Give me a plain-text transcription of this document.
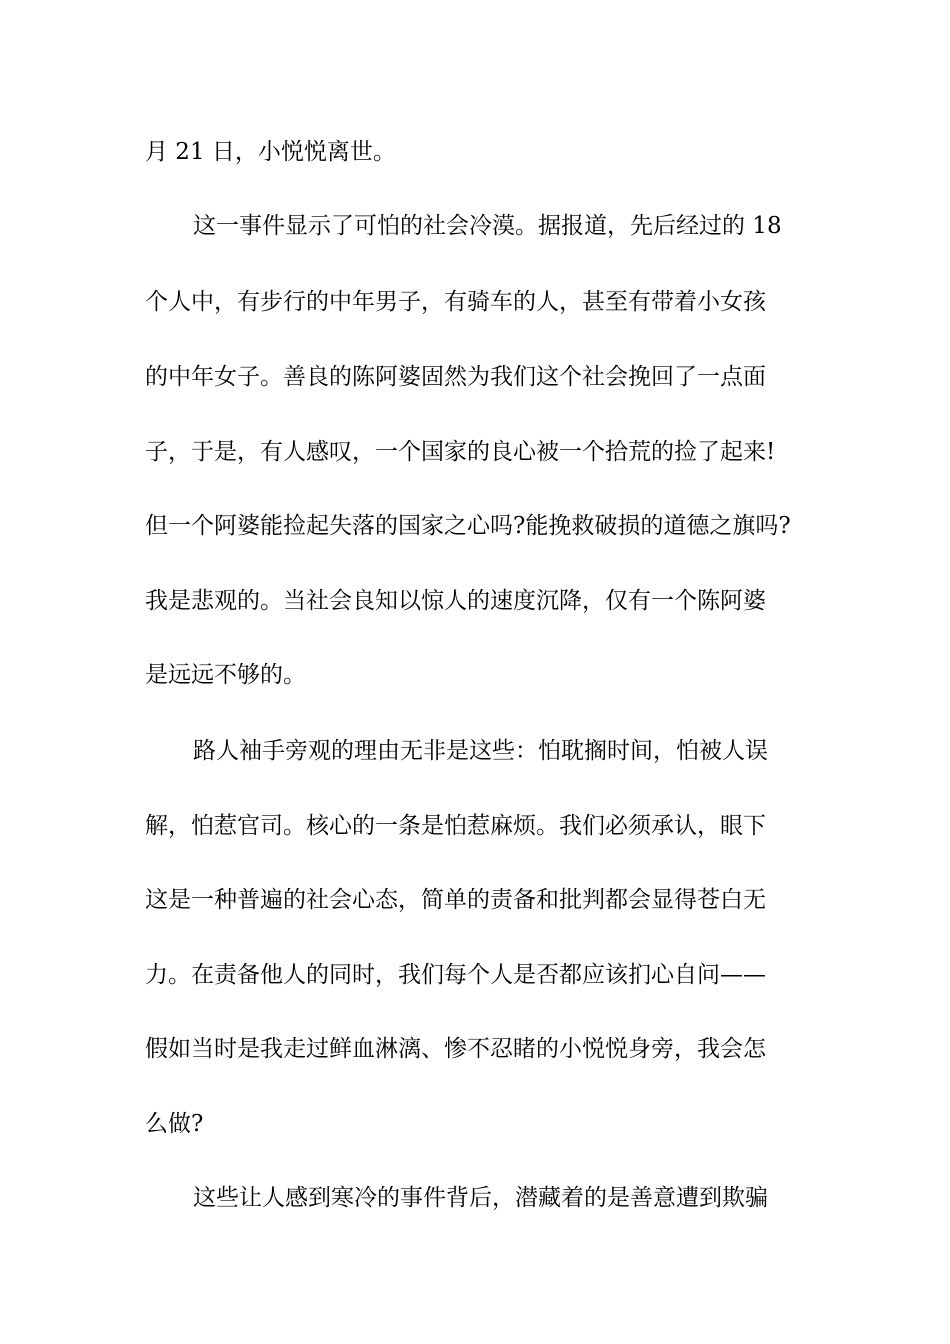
月 21 日，小悦悦离世。
这一事件显示了可怕的社会冷漠。据报道，先后经过的 18
个人中，有步行的中年男子，有骑车的人，甚至有带着小女孩
的中年女子。善良的陈阿婆固然为我们这个社会挽回了一点面
子，于是，有人感叹，一个国家的良心被一个拾荒的捡了起来!
但一个阿婆能捡起失落的国家之心吗?能挽救破损的道德之旗吗?
我是悲观的。当社会良知以惊人的速度沉降，仅有一个陈阿婆
是远远不够的。
路人袖手旁观的理由无非是这些：怕耽搁时间，怕被人误
解，怕惹官司。核心的一条是怕惹麻烦。我们必须承认，眼下
这是一种普遍的社会心态，简单的责备和批判都会显得苍白无
力。在责备他人的同时，我们每个人是否都应该扪心自问——
假如当时是我走过鲜血淋漓、惨不忍睹的小悦悦身旁，我会怎
么做?
这些让人感到寒冷的事件背后，潜藏着的是善意遭到欺骗
